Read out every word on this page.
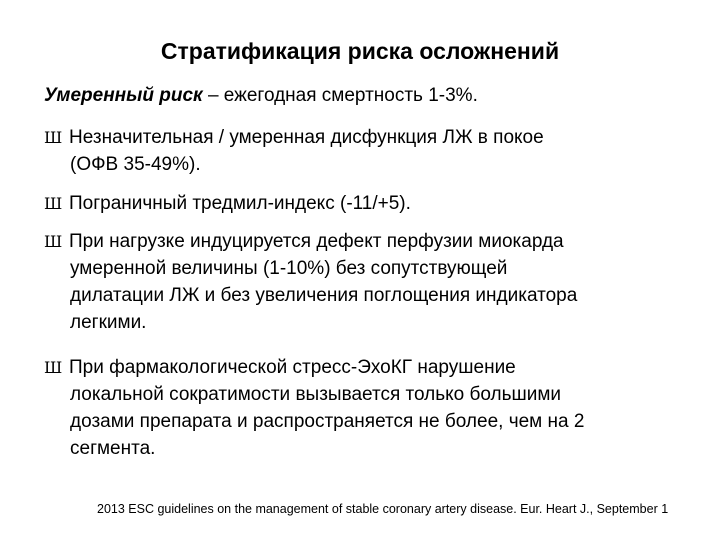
Стратификация риска осложнений
Умеренный риск – ежегодная смертность 1-3%.
Ш Незначительная / умеренная дисфункция ЛЖ в покое
(ОФВ 35-49%).
Ш Пограничный тредмил-индекс (-11/+5).
Ш При нагрузке индуцируется дефект перфузии миокарда
умеренной величины (1-10%) без сопутствующей
дилатации ЛЖ и без увеличения поглощения индикатора
легкими.
Ш При фармакологической стресс-ЭхоКГ нарушение
локальной сократимости вызывается только большими
дозами препарата и распространяется не более, чем на 2
сегмента.
2013 ESC guidelines on the management of stable coronary artery disease. Eur. Heart J., September 1
